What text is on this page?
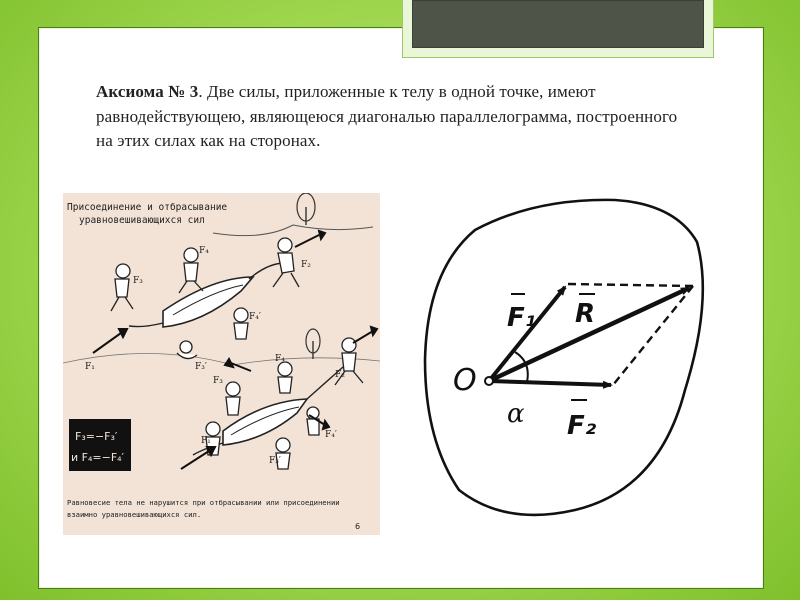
Аксиома № 3. Две силы, приложенные к телу в одной точке, имеют равнодействующею, являющеюся диагональю параллелограмма, построенного на этих силах как на сторонах.
Присоединение и отбрасывание
уравновешивающихся сил
F₄
F₂
F₃
F₄′
F₁	F₃′
F₂
F₄
F₃
F₄′
F₁
F₃′
F₃=−F₃′
и F₄=−F₄′
Равновесие тела не нарушится при отбрасывании или присоединении
взаимно уравновешивающихся сил.
6
O
F₁ R
F₂
α
